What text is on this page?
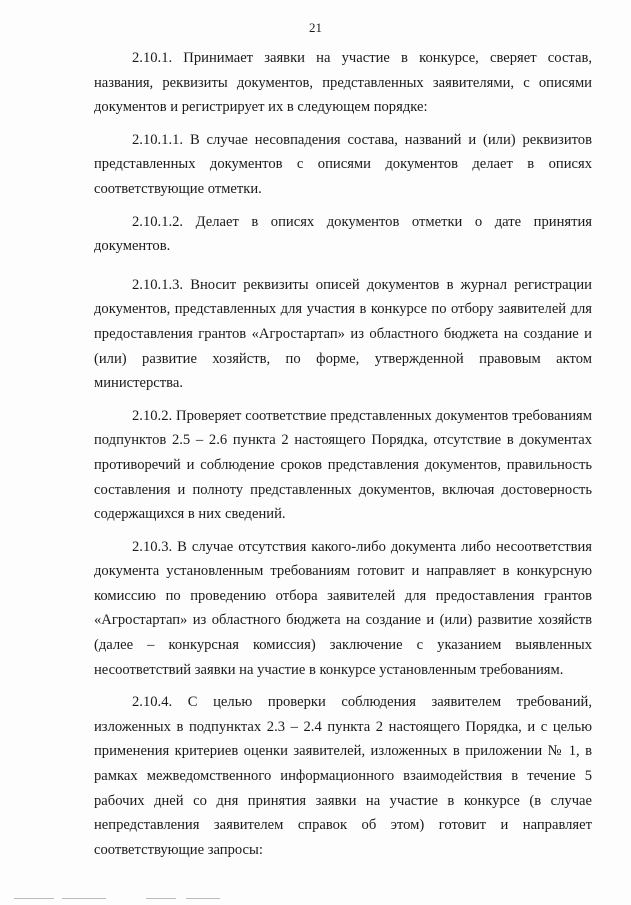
21

2.10.1. Принимает заявки на участие в конкурсе, сверяет состав, названия, реквизиты документов, представленных заявителями, с описями документов и регистрирует их в следующем порядке:

2.10.1.1. В случае несовпадения состава, названий и (или) реквизитов представленных документов с описями документов делает в описях соответствующие отметки.

2.10.1.2. Делает в описях документов отметки о дате принятия документов.

2.10.1.3. Вносит реквизиты описей документов в журнал регистрации документов, представленных для участия в конкурсе по отбору заявителей для предоставления грантов «Агростартап» из областного бюджета на создание и (или) развитие хозяйств, по форме, утвержденной правовым актом министерства.

2.10.2. Проверяет соответствие представленных документов требованиям подпунктов 2.5 – 2.6 пункта 2 настоящего Порядка, отсутствие в документах противоречий и соблюдение сроков представления документов, правильность составления и полноту представленных документов, включая достоверность содержащихся в них сведений.

2.10.3. В случае отсутствия какого-либо документа либо несоответствия документа установленным требованиям готовит и направляет в конкурсную комиссию по проведению отбора заявителей для предоставления грантов «Агростартап» из областного бюджета на создание и (или) развитие хозяйств (далее – конкурсная комиссия) заключение с указанием выявленных несоответствий заявки на участие в конкурсе установленным требованиям.

2.10.4. С целью проверки соблюдения заявителем требований, изложенных в подпунктах 2.3 – 2.4 пункта 2 настоящего Порядка, и с целью применения критериев оценки заявителей, изложенных в приложении № 1, в рамках межведомственного информационного взаимодействия в течение 5 рабочих дней со дня принятия заявки на участие в конкурсе (в случае непредставления заявителем справок об этом) готовит и направляет соответствующие запросы:
